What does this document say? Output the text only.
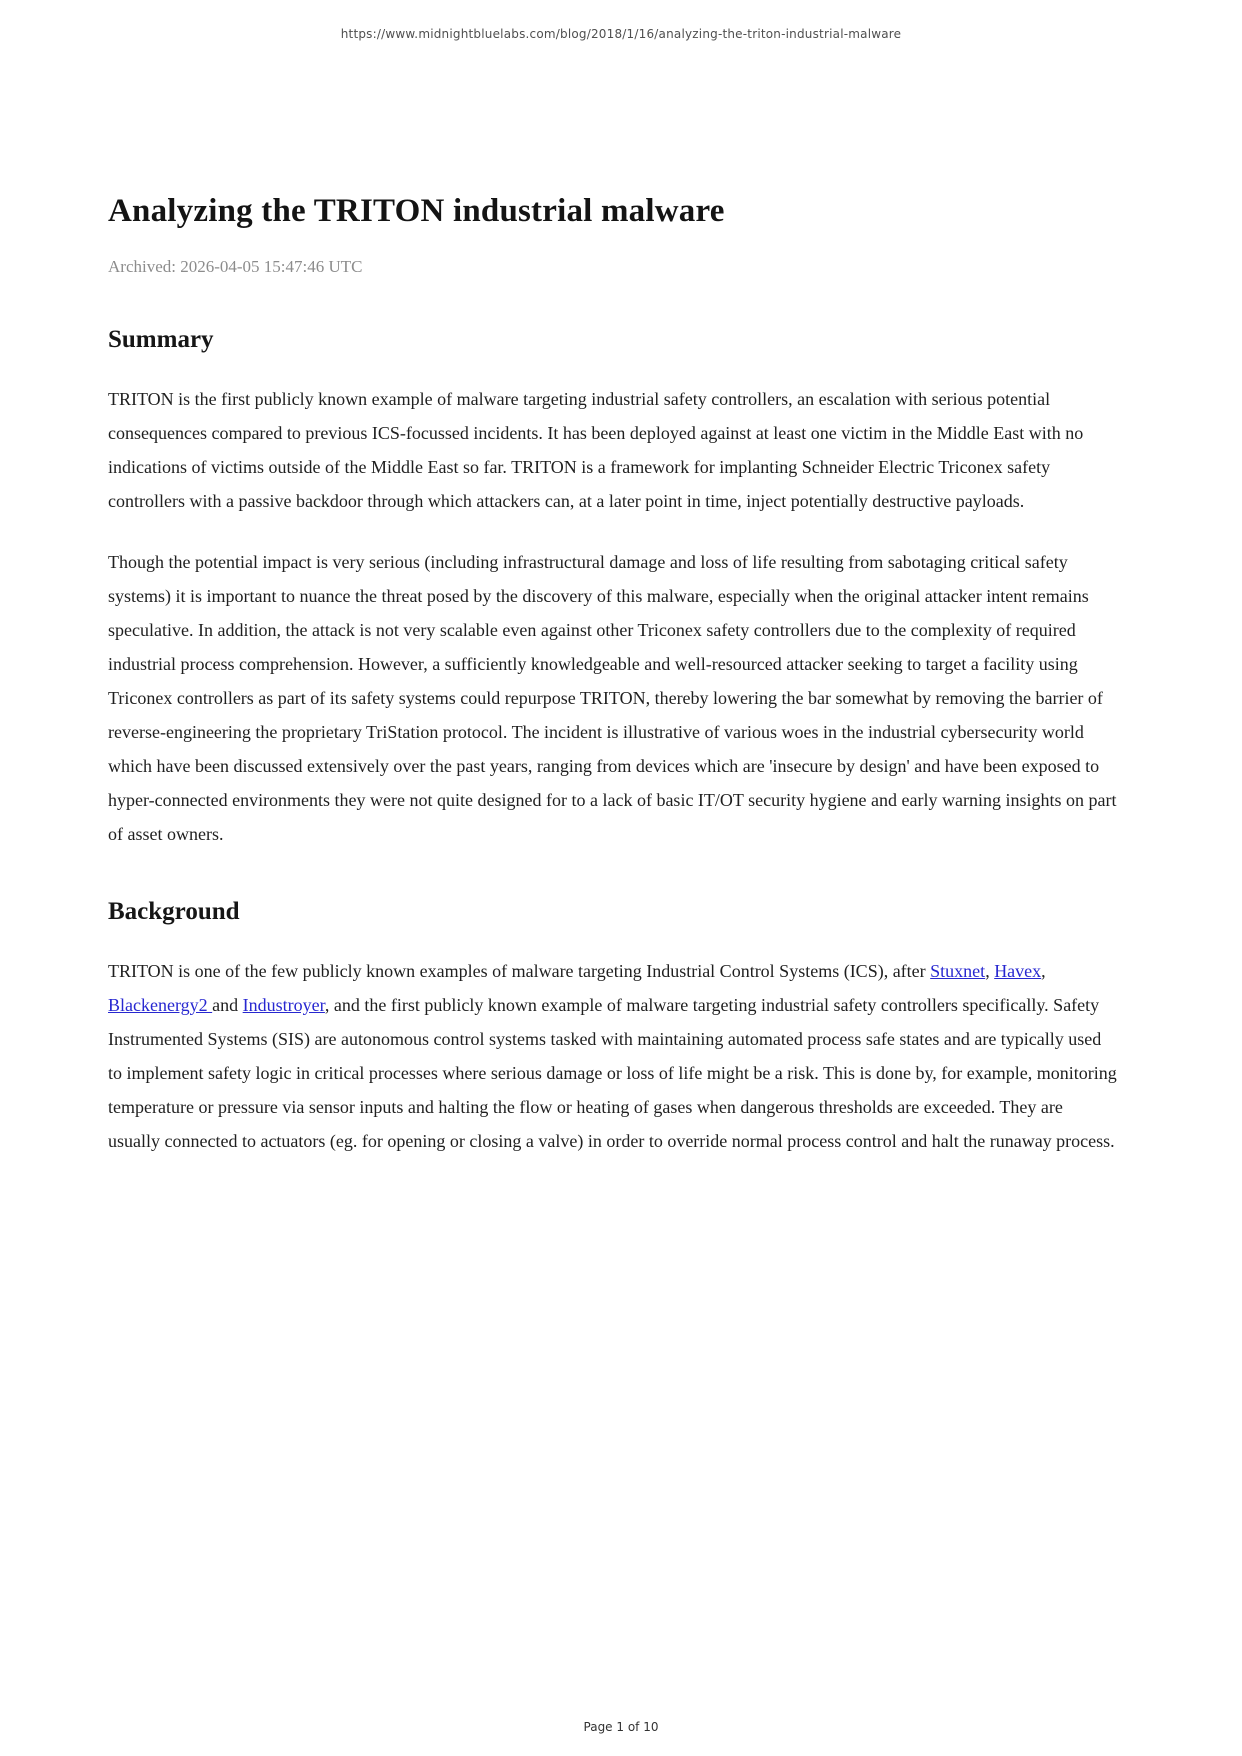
https://www.midnightbluelabs.com/blog/2018/1/16/analyzing-the-triton-industrial-malware
Analyzing the TRITON industrial malware
Archived: 2026-04-05 15:47:46 UTC
Summary

TRITON is the first publicly known example of malware targeting industrial safety controllers, an escalation with serious potential consequences compared to previous ICS-focussed incidents. It has been deployed against at least one victim in the Middle East with no indications of victims outside of the Middle East so far. TRITON is a framework for implanting Schneider Electric Triconex safety controllers with a passive backdoor through which attackers can, at a later point in time, inject potentially destructive payloads.

Though the potential impact is very serious (including infrastructural damage and loss of life resulting from sabotaging critical safety systems) it is important to nuance the threat posed by the discovery of this malware, especially when the original attacker intent remains speculative. In addition, the attack is not very scalable even against other Triconex safety controllers due to the complexity of required industrial process comprehension. However, a sufficiently knowledgeable and well-resourced attacker seeking to target a facility using Triconex controllers as part of its safety systems could repurpose TRITON, thereby lowering the bar somewhat by removing the barrier of reverse-engineering the proprietary TriStation protocol. The incident is illustrative of various woes in the industrial cybersecurity world which have been discussed extensively over the past years, ranging from devices which are 'insecure by design' and have been exposed to hyper-connected environments they were not quite designed for to a lack of basic IT/OT security hygiene and early warning insights on part of asset owners.

Background

TRITON is one of the few publicly known examples of malware targeting Industrial Control Systems (ICS), after Stuxnet, Havex, Blackenergy2 and Industroyer, and the first publicly known example of malware targeting industrial safety controllers specifically. Safety Instrumented Systems (SIS) are autonomous control systems tasked with maintaining automated process safe states and are typically used to implement safety logic in critical processes where serious damage or loss of life might be a risk. This is done by, for example, monitoring temperature or pressure via sensor inputs and halting the flow or heating of gases when dangerous thresholds are exceeded. They are usually connected to actuators (eg. for opening or closing a valve) in order to override normal process control and halt the runaway process.

Page 1 of 10
